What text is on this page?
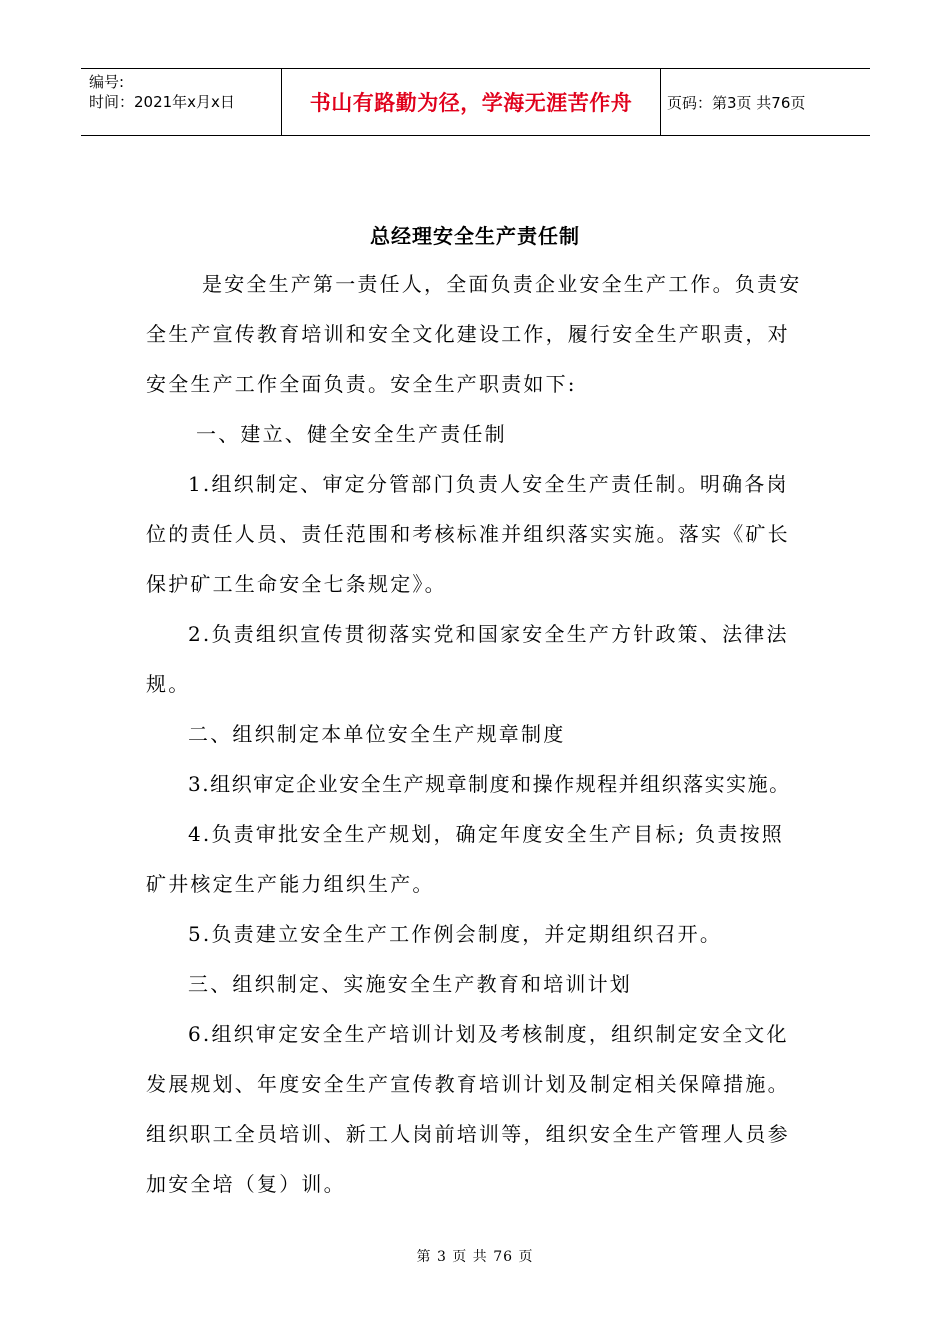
编号:
时间：2021年x月x日	书山有路勤为径，学海无涯苦作舟	页码：第3页 共76页
总经理安全生产责任制
是安全生产第一责任人，全面负责企业安全生产工作。负责安
全生产宣传教育培训和安全文化建设工作，履行安全生产职责，对
安全生产工作全面负责。安全生产职责如下:
一、建立、健全安全生产责任制
1.组织制定、审定分管部门负责人安全生产责任制。明确各岗
位的责任人员、责任范围和考核标准并组织落实实施。落实《矿长
保护矿工生命安全七条规定》。
2.负责组织宣传贯彻落实党和国家安全生产方针政策、法律法
规。
二、组织制定本单位安全生产规章制度
3.组织审定企业安全生产规章制度和操作规程并组织落实实施。
4.负责审批安全生产规划，确定年度安全生产目标; 负责按照
矿井核定生产能力组织生产。
5.负责建立安全生产工作例会制度，并定期组织召开。
三、组织制定、实施安全生产教育和培训计划
6.组织审定安全生产培训计划及考核制度，组织制定安全文化
发展规划、年度安全生产宣传教育培训计划及制定相关保障措施。
组织职工全员培训、新工人岗前培训等，组织安全生产管理人员参
加安全培（复）训。
第 3 页 共 76 页
